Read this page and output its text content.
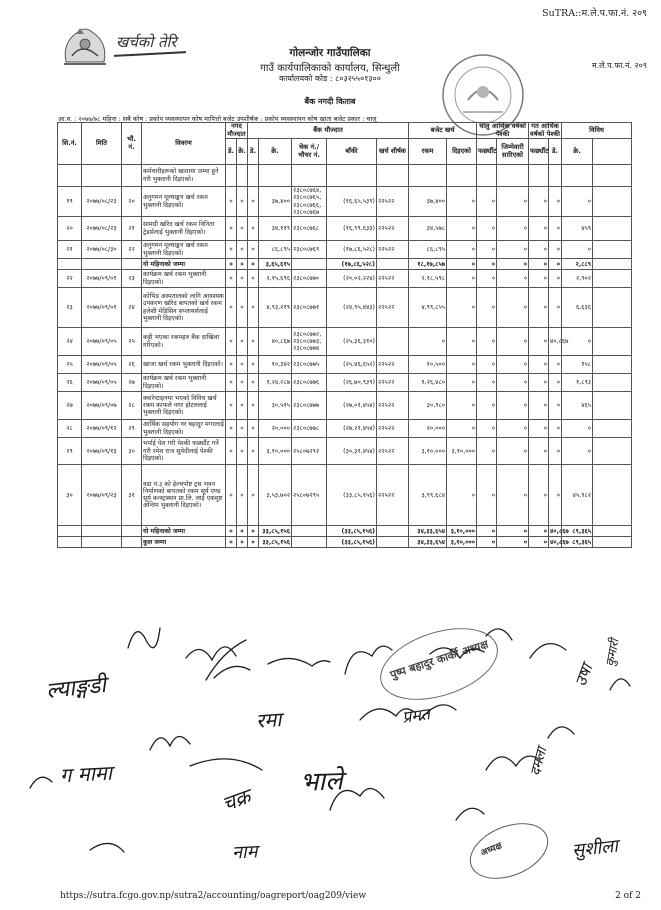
SuTRA::म.ले.प.फा.नं. २०९
म.ले.प.फा.नं. २०९
खर्चको तेरि
गोलन्जोर गाउँपालिका
गाउँ कार्यपालिकाको कार्यालय, सिन्धुली
कार्यालयको कोड : ८०३२५५०१३००
बैंक नगदी किताब
आ.व. : २०७७/७८ महिना : सबै कोष : प्रकोप व्यवस्थापन कोष मापित्तो बजेट उपशीर्षक : प्रकोप व्यवस्थापन कोष खाता बजेट प्रकार : चालु
सि.नं.	मिति	भौ. नं.	विवरण	नगद मौज्दात		बैंक मौज्दात					बजेट खर्च		चालु आर्थिक वर्षको पेश्की		गत आर्थिक वर्षको पेश्की		विविध	
				डे.	क्रे.	डे.	क्रे.	चेक नं./भौचर नं.	बाँकी	खर्च शीर्षक	रकम	दिइएको	फर्छ्यौट	जिम्मेवारी सारिएको	फर्छ्यौट	डे.	क्रे.		
			कर्मचारीहरूको खातामा जम्मा हुने गरी भुक्तानी दिइएको।																
१९	२०७७/०८/२३	२०	अनुगमन मूल्याङ्कन खर्च रकम भुक्तानी दिइएको।	०	०	०	३७,४००	२३८०८७६४, २३८०८७६५, २३८०८७६६, २३८०८७६७	(१६,६५,५३९)	२२५२२	३७,४००	०	०	०	०	०	०		
२०	२०७७/०८/२३	२१	सामग्री खरिद खर्च रकम विनिता ट्रेडर्सलाई भुक्तानी दिइएको।	०	०	०	३४,११९	२३८०८७६८	(१६,९९,६३३)	२२५२२	३४,५७८	०	०	०	०	०	४५९		
२१	२०७७/०८/३०	२२	अनुगमन मूल्याङ्कन खर्च रकम भुक्तानी दिइएको।	०	०	०	८६,८९५	२३८०८७६९	(१७,८६,५२८)	२२५२२	८६,८९५	०	०	०	०	०	०		
			यो महिनाको जम्मा	०	०	०	३,६५,६१५		(१७,८६,५२८)		१८,१७,८५७	०	०	०	०	०	२,८८९		
२२	२०७७/०९/०१	२३	कार्यक्रम खर्च रकम भुक्तानी दिइएको।	०	०	०	२,१५,६९६	२३८०८७७०	(२०,०२,२२४)	२२५२२	२,१८,५९८	०	०	०	०	०	२,९०२		
२३	२०७७/०९/०१	२४	कोभिड अस्पतालको लागि आवश्यक उपकरण खरिद बापतको खर्च रकम हलेशी मेडिसिन सप्लायर्सलाई भुक्तानी दिइएको।	०	०	०	४,९३,२१९	२३८०८७७१	(२४,९५,४४३)	२२५२२	४,९९,८५५	०	०	०	०	०	६,६३६		
२४	२०७७/०९/०५	२५	कट्टी भएका रकमहरु बैंक दाखिला गरिएको।	०	०	०	४०,८६७	२३८०८७७२, २३८०८७७३, २३८०८७७४	(२५,३६,३१०)		०	०	०	०	०	४०,८६७	०		
२५	२०७७/०९/०५	२६	खाजा खर्च रकम भुक्तानी दिइएको।	०	०	०	१०,३४२	२३८०८७७५	(२५,४६,६५२)	२२५२२	१०,५००	०	०	०	०	०	१५८		
२६	२०७७/०९/०५	२७	कार्यक्रम खर्च रकम भुक्तानी दिइएको।	०	०	०	१,२४,२८७	२३८०८७७६	(२६,७०,९३९)	२२५२२	१,२६,४८०	०	०	०	०	०	१,८९३		
२७	२०७७/०९/०७	२८	क्वारेन्टाइनमा भएको विविध खर्च रकम काफले नगर होटललाई भुक्तानी दिइएको।	०	०	०	३०,५१५	२३८०८७७७	(२७,०१,४५४)	२२५२२	३०,९८०	०	०	०	०	०	४६५		
२८	२०७७/०९/१२	२९	आर्थिक सहयोग नर बहादुर मगरलाई भुक्तानी दिइएको।	०	०	०	२०,०००	२३८०८७७८	(२७,२१,४५४)	२२५२२	२०,०००	०	०	०	०	०	०		
२९	२०७७/०९/१३	३०	भर्पाई पेश गरी पेश्की फर्छ्यौट गर्ने गरी रमेश राज सुवेदीलाई पेश्की दिइएको।	०	०	०	३,१०,०००	२५८०७२९२	(३०,३१,४५४)	२२५२२	३,१०,०००	३,१०,०००	०	०	०	०	०		
३०	२०७७/०९/२३	३१	वडा नं.३ को हेल्थपोष्ट ट्रस भवन निर्माणको बापतको रकम सूर्य एण्ड सूर्य कन्स्ट्रक्सन प्रा.लि. लाई एकमुष्ट अन्तिम भुक्तानी दिइएको।	०	०	०	३,५३,७०२	२५८०७२९५	(३३,८५,१५६)	२२५२२	३,९९,६८४	०	०	०	०	०	४५,९८२		
			यो महिनाको जम्मा	०	०	०	३३,८५,१५६		(३३,८५,१५६)		३४,३३,६५४	३,१०,०००	०	०	०	४०,८६७	८९,३६५		
			कुल जम्मा	०	०	०	३३,८५,१५६		(३३,८५,१५६)		३४,३३,६५४	३,१०,०००	०	०	०	४०,८६७	८९,३६५		
पुष्प बहादुर कार्की अध्यक्ष
अध्यक्ष
ल्याङ्गडी
रमा
ग मामा	भाले
उषा
चक्र
कुमारी
नाम
प्रमत
सुशीला
दमला
https://sutra.fcgo.gov.np/sutra2/accounting/oagreport/oag209/view	2 of 2
